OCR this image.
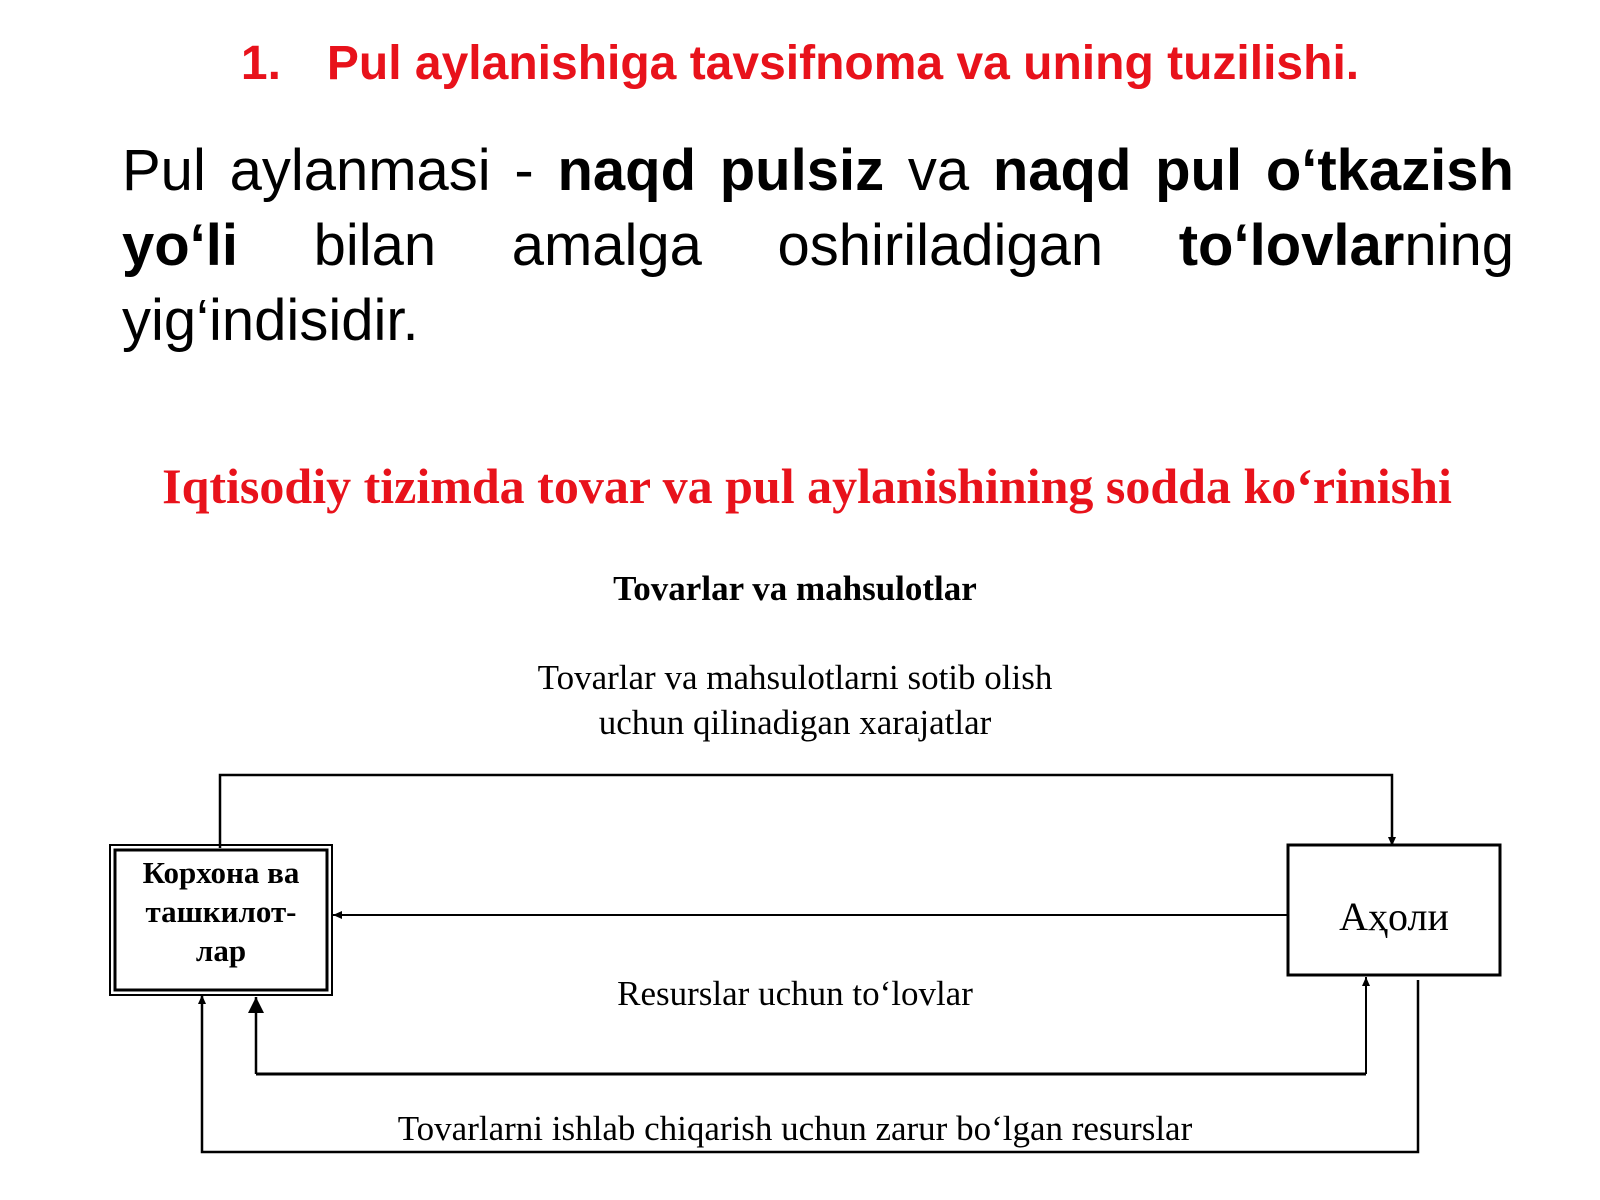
1. Pul aylanishiga tavsifnoma va uning tuzilishi.
Pul aylanmasi - naqd pulsiz va naqd pul o‘tkazish yo‘li bilan amalga oshiriladigan to‘lovlarning yig‘indisidir.
Iqtisodiy tizimda tovar va pul aylanishining sodda ko‘rinishi
Tovarlar va mahsulotlar
Tovarlar va mahsulotlarni sotib olish
uchun qilinadigan xarajatlar
Resurslar uchun to‘lovlar
Tovarlarni ishlab chiqarish uchun zarur bo‘lgan resurslar
Корхона ва
ташкилот-
лар
Аҳоли
